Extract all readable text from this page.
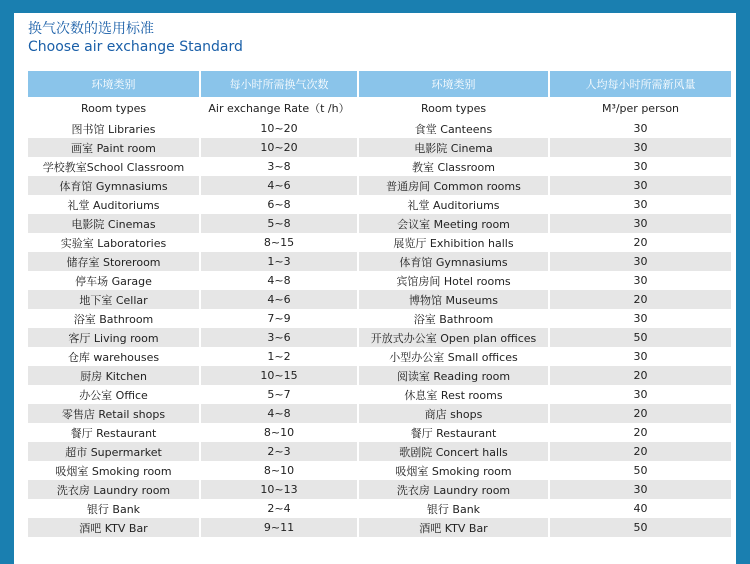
换气次数的选用标准
Choose air exchange Standard
环境类别	每小时所需换气次数	环境类别	人均每小时所需新风量
Room types	Air exchange Rate（t /h）	Room types	M³/per person
图书馆 Libraries	10~20	食堂 Canteens	30
画室 Paint room	10~20	电影院 Cinema	30
学校教室School Classroom	3~8	教室 Classroom	30
体育馆 Gymnasiums	4~6	普通房间 Common rooms	30
礼堂 Auditoriums	6~8	礼堂 Auditoriums	30
电影院 Cinemas	5~8	会议室 Meeting room	30
实验室 Laboratories	8~15	展览厅 Exhibition halls	20
储存室 Storeroom	1~3	体育馆 Gymnasiums	30
停车场 Garage	4~8	宾馆房间 Hotel rooms	30
地下室 Cellar	4~6	博物馆 Museums	20
浴室 Bathroom	7~9	浴室 Bathroom	30
客厅 Living room	3~6	开放式办公室 Open plan offices	50
仓库 warehouses	1~2	小型办公室 Small offices	30
厨房 Kitchen	10~15	阅读室 Reading room	20
办公室 Office	5~7	休息室 Rest rooms	30
零售店 Retail shops	4~8	商店 shops	20
餐厅 Restaurant	8~10	餐厅 Restaurant	20
超市 Supermarket	2~3	歌剧院 Concert halls	20
吸烟室 Smoking room	8~10	吸烟室 Smoking room	50
洗衣房 Laundry room	10~13	洗衣房 Laundry room	30
银行 Bank	2~4	银行 Bank	40
酒吧 KTV Bar	9~11	酒吧 KTV Bar	50
